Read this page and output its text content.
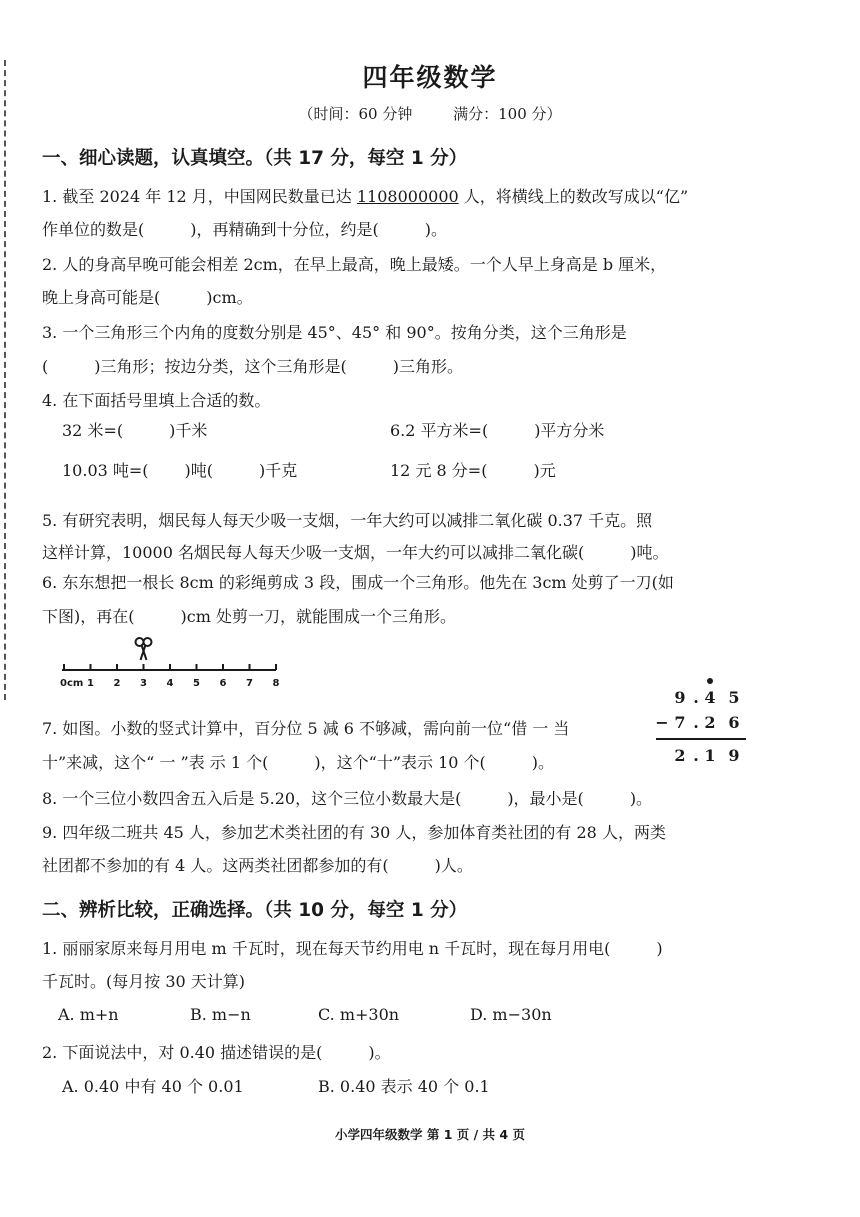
四年级数学
（时间：60 分钟	满分：100 分）
一、细心读题，认真填空。（共 17 分，每空 1 分）
1. 截至 2024 年 12 月，中国网民数量已达 1108000000 人，将横线上的数改写成以“亿”
作单位的数是(	)，再精确到十分位，约是(	)。
2. 人的身高早晚可能会相差 2cm，在早上最高，晚上最矮。一个人早上身高是 b 厘米，
晚上身高可能是(	)cm。
3. 一个三角形三个内角的度数分别是 45°、45° 和 90°。按角分类，这个三角形是
(	)三角形；按边分类，这个三角形是(	)三角形。
4. 在下面括号里填上合适的数。
32 米=(	)千米	6.2 平方米=(	)平方分米
10.03 吨=( )吨(	)千克	12 元 8 分=(	)元
5. 有研究表明，烟民每人每天少吸一支烟，一年大约可以减排二氧化碳 0.37 千克。照
这样计算，10000 名烟民每人每天少吸一支烟，一年大约可以减排二氧化碳(	)吨。
6. 东东想把一根长 8cm 的彩绳剪成 3 段，围成一个三角形。他先在 3cm 处剪了一刀(如
下图)，再在(	)cm 处剪一刀，就能围成一个三角形。
0cm 1 2 3 4 5 6 7 8
9 . 4 5
− 7 . 2 6
2 . 1 9
7. 如图。小数的竖式计算中，百分位 5 减 6 不够减，需向前一位“借 一 当
十”来减，这个“ 一 ”表 示 1 个(	)，这个“十”表示 10 个(	)。
8. 一个三位小数四舍五入后是 5.20，这个三位小数最大是(	)，最小是(	)。
9. 四年级二班共 45 人，参加艺术类社团的有 30 人，参加体育类社团的有 28 人，两类
社团都不参加的有 4 人。这两类社团都参加的有(	)人。
二、辨析比较，正确选择。（共 10 分，每空 1 分）
1. 丽丽家原来每月用电 m 千瓦时，现在每天节约用电 n 千瓦时，现在每月用电(	)
千瓦时。(每月按 30 天计算)
A. m+n	B. m−n	C. m+30n	D. m−30n
2. 下面说法中，对 0.40 描述错误的是(	)。
A. 0.40 中有 40 个 0.01	B. 0.40 表示 40 个 0.1
小学四年级数学 第 1 页 / 共 4 页
